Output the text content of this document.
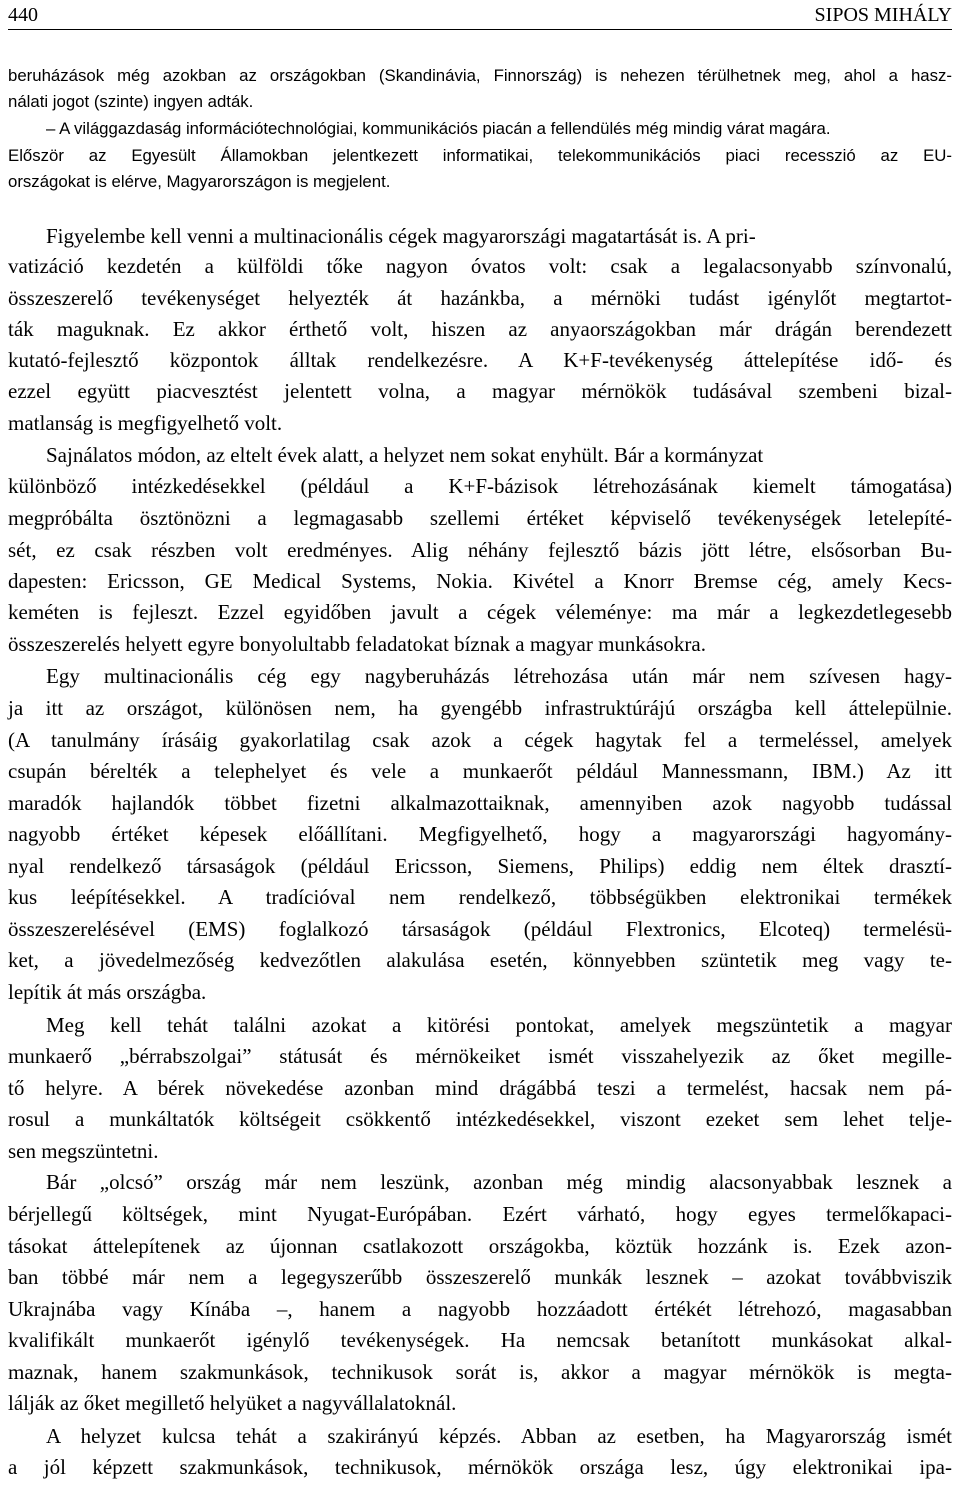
440	SIPOS MIHÁLY
beruházások még azokban az országokban (Skandinávia, Finnország) is nehezen térülhetnek meg, ahol a hasz-
nálati jogot (szinte) ingyen adták.
– A világgazdaság információtechnológiai, kommunikációs piacán a fellendülés még mindig várat magára.
Először az Egyesült Államokban jelentkezett informatikai, telekommunikációs piaci recesszió az EU-
országokat is elérve, Magyarországon is megjelent.
Figyelembe kell venni a multinacionális cégek magyarországi magatartását is. A pri-
vatizáció kezdetén a külföldi tőke nagyon óvatos volt: csak a legalacsonyabb színvonalú,
összeszerelő tevékenységet helyezték át hazánkba, a mérnöki tudást igénylőt megtartot-
ták maguknak. Ez akkor érthető volt, hiszen az anyaországokban már drágán berendezett
kutató-fejlesztő központok álltak rendelkezésre. A K+F-tevékenység áttelepítése idő- és
ezzel együtt piacvesztést jelentett volna, a magyar mérnökök tudásával szembeni bizal-
matlanság is megfigyelhető volt.
Sajnálatos módon, az eltelt évek alatt, a helyzet nem sokat enyhült. Bár a kormányzat
különböző intézkedésekkel (például a K+F-bázisok létrehozásának kiemelt támogatása)
megpróbálta ösztönözni a legmagasabb szellemi értéket képviselő tevékenységek letelepíté-
sét, ez csak részben volt eredményes. Alig néhány fejlesztő bázis jött létre, elsősorban Bu-
dapesten: Ericsson, GE Medical Systems, Nokia. Kivétel a Knorr Bremse cég, amely Kecs-
keméten is fejleszt. Ezzel egyidőben javult a cégek véleménye: ma már a legkezdetlegesebb
összeszerelés helyett egyre bonyolultabb feladatokat bíznak a magyar munkásokra.
Egy multinacionális cég egy nagyberuházás létrehozása után már nem szívesen hagy-
ja itt az országot, különösen nem, ha gyengébb infrastruktúrájú országba kell áttelepülnie.
(A tanulmány írásáig gyakorlatilag csak azok a cégek hagytak fel a termeléssel, amelyek
csupán bérelték a telephelyet és vele a munkaerőt például Mannessmann, IBM.) Az itt
maradók hajlandók többet fizetni alkalmazottaiknak, amennyiben azok nagyobb tudással
nagyobb értéket képesek előállítani. Megfigyelhető, hogy a magyarországi hagyomány-
nyal rendelkező társaságok (például Ericsson, Siemens, Philips) eddig nem éltek drasztí-
kus leépítésekkel. A tradícióval nem rendelkező, többségükben elektronikai termékek
összeszerelésével (EMS) foglalkozó társaságok (például Flextronics, Elcoteq) termelésü-
ket, a jövedelmezőség kedvezőtlen alakulása esetén, könnyebben szüntetik meg vagy te-
lepítik át más országba.
Meg kell tehát találni azokat a kitörési pontokat, amelyek megszüntetik a magyar
munkaerő „bérrabszolgai” státusát és mérnökeiket ismét visszahelyezik az őket megille-
tő helyre. A bérek növekedése azonban mind drágábbá teszi a termelést, hacsak nem pá-
rosul a munkáltatók költségeit csökkentő intézkedésekkel, viszont ezeket sem lehet telje-
sen megszüntetni.
Bár „olcsó” ország már nem leszünk, azonban még mindig alacsonyabbak lesznek a
bérjellegű költségek, mint Nyugat-Európában. Ezért várható, hogy egyes termelőkapaci-
tásokat áttelepítenek az újonnan csatlakozott országokba, köztük hozzánk is. Ezek azon-
ban többé már nem a legegyszerűbb összeszerelő munkák lesznek – azokat továbbviszik
Ukrajnába vagy Kínába –, hanem a nagyobb hozzáadott értékét létrehozó, magasabban
kvalifikált munkaerőt igénylő tevékenységek. Ha nemcsak betanított munkásokat alkal-
maznak, hanem szakmunkások, technikusok sorát is, akkor a magyar mérnökök is megta-
lálják az őket megillető helyüket a nagyvállalatoknál.
A helyzet kulcsa tehát a szakirányú képzés. Abban az esetben, ha Magyarország ismét
a jól képzett szakmunkások, technikusok, mérnökök országa lesz, úgy elektronikai ipa-
